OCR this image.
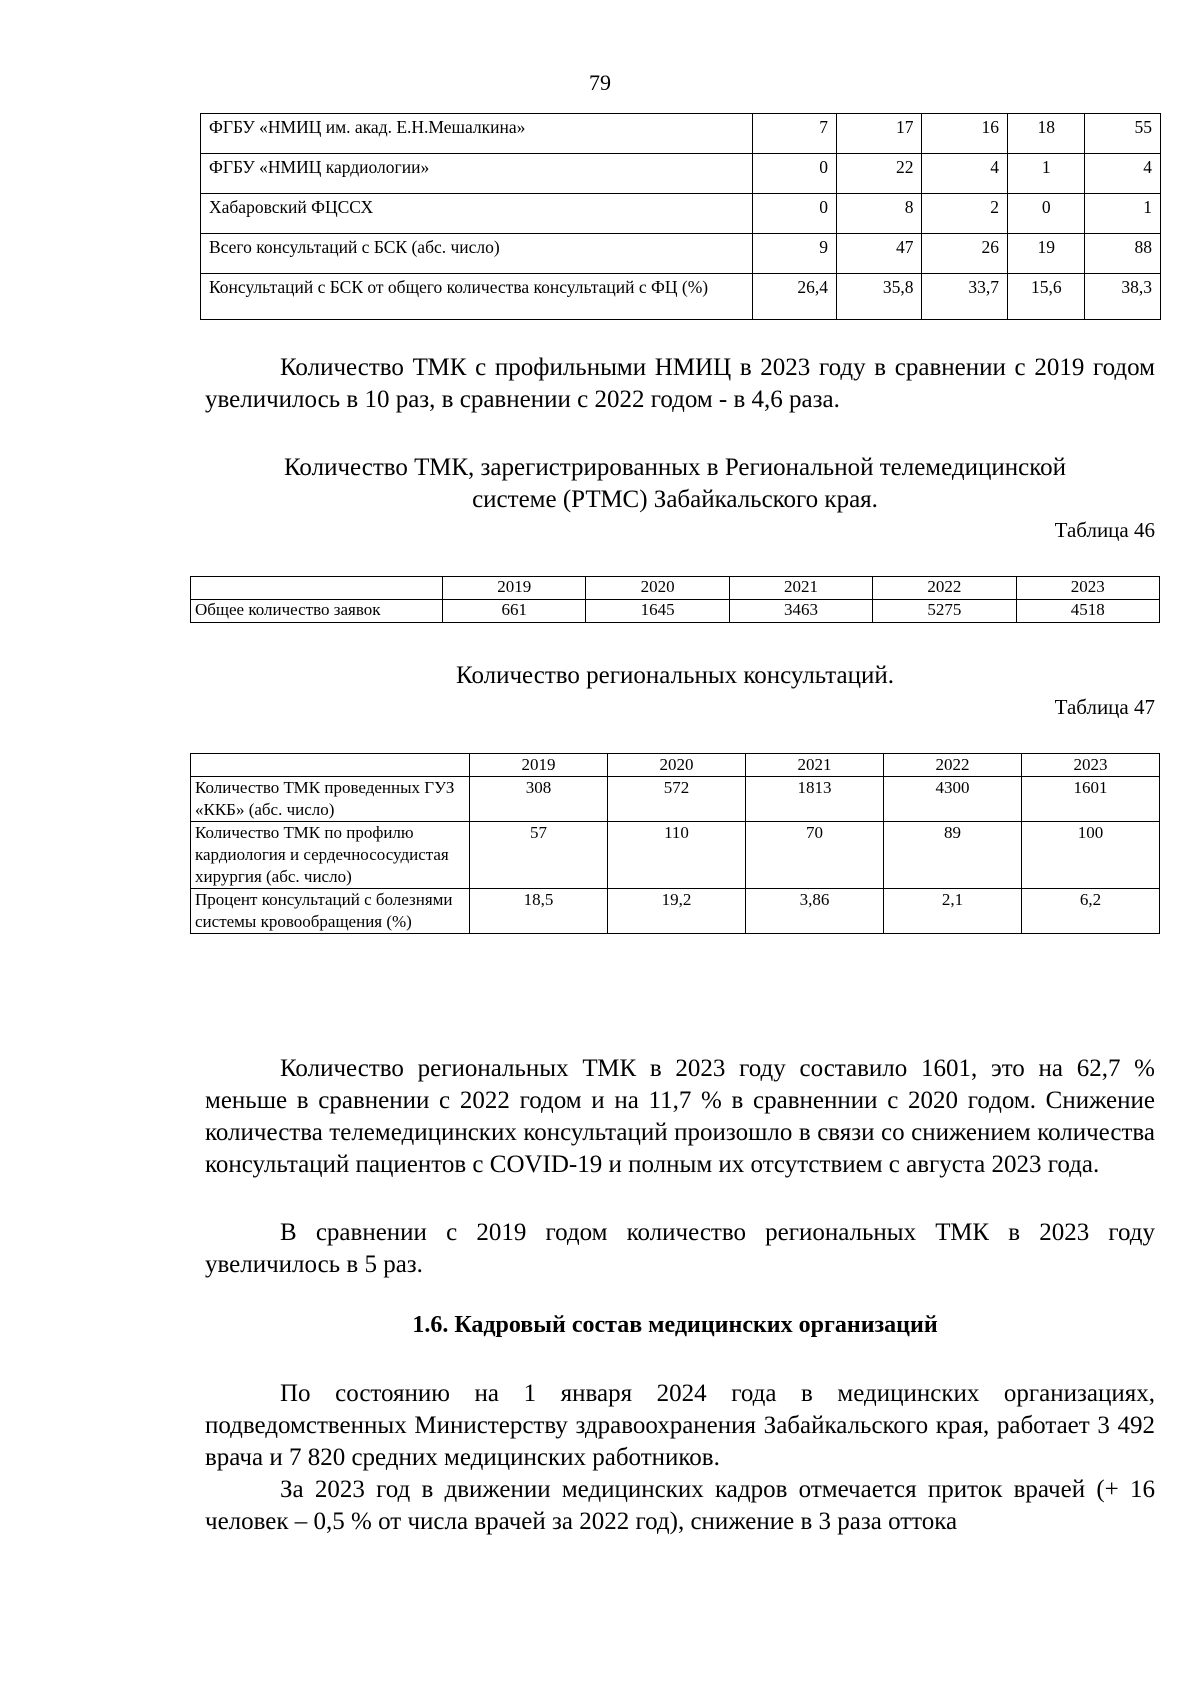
79
ФГБУ «НМИЦ им. акад. Е.Н.Мешалкина»	7	17	16	18	55
ФГБУ «НМИЦ кардиологии»	0	22	4	1	4
Хабаровский ФЦССХ	0	8	2	0	1
Всего консультаций с БСК (абс. число)	9	47	26	19	88
Консультаций с БСК от общего количества консультаций с ФЦ (%)	26,4	35,8	33,7	15,6	38,3
Количество ТМК с профильными НМИЦ в 2023 году в сравнении с 2019 годом увеличилось в 10 раз, в сравнении с 2022 годом - в 4,6 раза.
Количество ТМК, зарегистрированных в Региональной телемедицинской
системе (РТМС) Забайкальского края.
Таблица 46
	2019	2020	2021	2022	2023
Общее количество заявок	661	1645	3463	5275	4518
Количество региональных консультаций.
Таблица 47
	2019	2020	2021	2022	2023
Количество ТМК проведенных ГУЗ «ККБ» (абс. число)	308	572	1813	4300	1601
Количество ТМК по профилю кардиология и сердечнососудистая хирургия (абс. число)	57	110	70	89	100
Процент консультаций с болезнями системы кровообращения (%)	18,5	19,2	3,86	2,1	6,2
Количество региональных ТМК в 2023 году составило 1601, это на 62,7 % меньше в сравнении с 2022 годом и на 11,7 % в сравненнии с 2020 годом. Снижение количества телемедицинских консультаций произошло в связи со снижением количества консультаций пациентов с COVID-19 и полным их отсутствием с августа 2023 года.
В сравнении с 2019 годом количество региональных ТМК в 2023 году увеличилось в 5 раз.
1.6. Кадровый состав медицинских организаций
По состоянию на 1 января 2024 года в медицинских организациях, подведомственных Министерству здравоохранения Забайкальского края, работает 3 492 врача и 7 820 средних медицинских работников.
За 2023 год в движении медицинских кадров отмечается приток врачей (+ 16 человек – 0,5 % от числа врачей за 2022 год), снижение в 3 раза оттока
